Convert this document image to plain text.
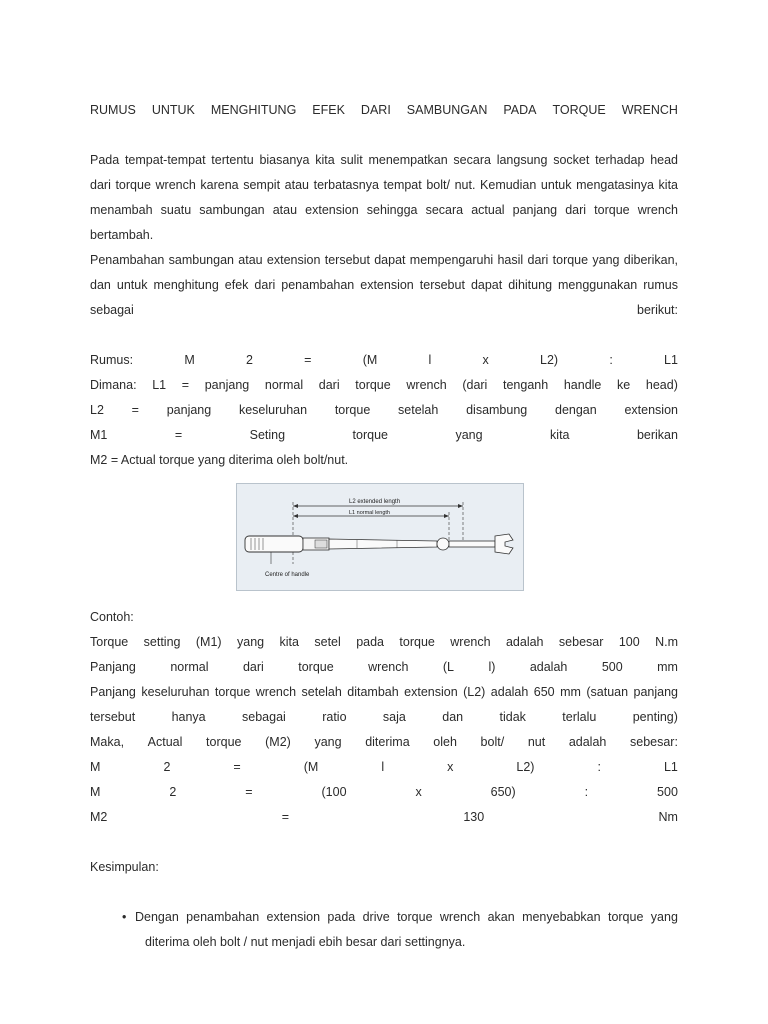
RUMUS UNTUK MENGHITUNG EFEK DARI SAMBUNGAN PADA TORQUE WRENCH
Pada tempat-tempat tertentu biasanya kita sulit menempatkan secara langsung socket terhadap head
dari torque wrench karena sempit atau terbatasnya tempat bolt/ nut. Kemudian untuk mengatasinya kita
menambah suatu sambungan atau extension sehingga secara actual panjang dari torque wrench
bertambah.
Penambahan sambungan atau extension tersebut dapat mempengaruhi hasil dari torque yang diberikan,
dan untuk menghitung efek dari penambahan extension tersebut dapat dihitung menggunakan rumus
sebagai	berikut:
Rumus:	M	2	=	(M	l	x	L2)	:	L1
Dimana: L1 = panjang normal dari torque wrench (dari tenganh handle ke head)
L2 = panjang keseluruhan torque setelah disambung dengan extension
M1	=	Seting	torque	yang	kita	berikan
M2 = Actual torque yang diterima oleh bolt/nut.
L2 extended length
L1 normal length
Centre of handle
Contoh:
Torque setting (M1) yang kita setel pada torque wrench adalah sebesar 100 N.m
Panjang	normal	dari	torque	wrench	(L	l)	adalah	500	mm
Panjang keseluruhan torque wrench setelah ditambah extension (L2) adalah 650 mm (satuan panjang
tersebut	hanya	sebagai	ratio	saja	dan	tidak	terlalu	penting)
Maka, Actual torque (M2) yang diterima oleh bolt/ nut adalah sebesar:
M	2	=	(M	l	x	L2)	:	L1
M	2	=	(100	x	650)	:	500
M2	=	130	Nm
Kesimpulan:
• Dengan penambahan extension pada drive torque wrench akan menyebabkan torque yang
diterima oleh bolt / nut menjadi ebih besar dari settingnya.
